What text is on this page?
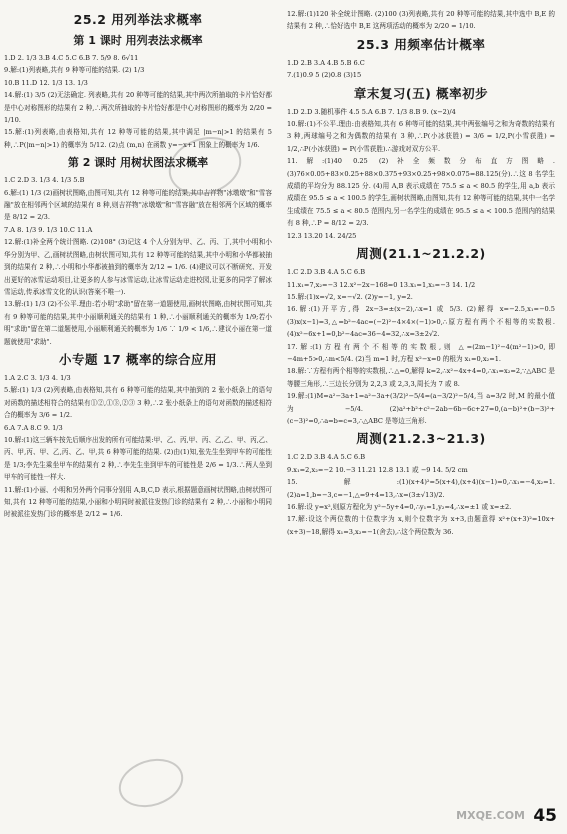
25.2 用列举法求概率
第 1 课时 用列表法求概率

1.D 2. 1/3 3.B 4.C 5.C 6.B 7. 5/9 8. 6√11

9.解:(1)列表略,共有 9 种等可能的结果. (2) 1/3

10.B 11.D 12. 1/3 13. 1/3

14.解:(1) 3/5 (2)无法确定. 列表略,共有 20 种等可能的结果,其中两次所抽取的卡片恰好都是中心对称图形的结果有 2 种,∴两次所抽取的卡片恰好都是中心对称图形的概率为 2/20 = 1/10.

15.解:(1)列表略,由表格知,共有 12 种等可能的结果,其中满足 |m−n|>1 的结果有 5 种,∴P(|m−n|>1) 的概率为 5/12. (2)点 (m,n) 在函数 y=−x+1 图象上的概率为 1/6.

第 2 课时 用树状图法求概率

1.C 2.D 3. 1/3 4. 1/3 5.B

6.解:(1) 1/3 (2)画树状图略,由图可知,共有 12 种等可能的结果,其中吉祥物"冰墩墩"和"雪容融"放在相邻两个区域的结果有 8 种,则吉祥物"冰墩墩"和"雪容融"放在相邻两个区域的概率是 8/12 = 2/3.

7.A 8. 1/3 9. 1/3 10.C 11.A

12.解:(1)补全两个统计图略. (2)108° (3)记这 4 个人分别为甲、乙、丙、丁,其中小明和小华分别为甲、乙,画树状图略,由树状图可知,共有 12 种等可能的结果,其中小明和小华都被抽到的结果有 2 种,∴小明和小华都被抽到的概率为 2/12 = 1/6. (4)建议可以不断研究、开发出更好的冰雪运动项目,让更多的人参与冰雪运动,让冰雪运动走进校园,让更多的同学了解冰雪运动,传承冰雪文化的认识(答案不唯一).

13.解:(1) 1/3 (2)不公平.理由:若小明"求助"留在第一道题使用,画树状图略,由树状图可知,共有 9 种等可能的结果,其中小丽顺利通关的结果有 1 种,∴小丽顺利通关的概率为 1/9;若小明"求助"留在第二道题使用,小丽顺利通关的概率为 1/6 ∵ 1/9 < 1/6,∴建议小丽在第一道题就使用"求助".

小专题 17 概率的综合应用

1.A 2.C 3. 1/3 4. 1/3

5.解:(1) 1/3 (2)列表略,由表格知,共有 6 种等可能的结果,其中抽到的 2 张小纸条上的语句对函数的描述相符合的结果有①②,①③,②③ 3 种,∴2 张小纸条上的语句对函数的描述相符合的概率为 3/6 = 1/2.

6.A 7.A 8.C 9. 1/3

10.解:(1)这三辆车按先后顺序出发的所有可能结果:甲、乙、丙,甲、丙、乙,乙、甲、丙,乙、丙、甲,丙、甲、乙,丙、乙、甲,共 6 种等可能的结果. (2)由(1)知,张先生坐到甲车的可能性是 1/3;李先生乘坐甲车的结果有 2 种,∴李先生坐到甲车的可能性是 2/6 = 1/3.∴两人坐到甲车的可能性一样大.

11.解:(1)小丽、小明和另外两个同事分别用 A,B,C,D 表示,根据题意画树状图略,由树状图可知,共有 12 种等可能的结果,小丽和小明同时被派往发热门诊的结果有 2 种,∴小丽和小明同时被派往发热门诊的概率是 2/12 = 1/6.

12.解:(1)120 补全统计图略. (2)100 (3)列表略,共有 20 种等可能的结果,其中选中 B,E 的结果有 2 种,∴恰好选中 B,E 这两项活动的概率为 2/20 = 1/10.

25.3 用频率估计概率

1.D 2.B 3.A 4.B 5.B 6.C

7.(1)0.9 5 (2)0.8 (3)15

章末复习(五) 概率初步

1.D 2.D 3.随机事件 4.5 5.A 6.B 7. 1/3 8.B 9. (x−2)/4

10.解:(1)不公平.理由:由表格知,共有 6 种等可能的结果,其中两张编号之和为奇数的结果有 3 种,两球编号之和为偶数的结果有 3 种,∴P(小冰获胜) = 3/6 = 1/2,P(小雪获胜) = 1/2,∴P(小冰获胜) = P(小雪获胜).∴游戏对双方公平.

11.解:(1)40 0.25 (2)补全频数分布直方图略. (3)76×0.05+83×0.25+88×0.375+93×0.25+98×0.075=88.125(分).∴这 8 名学生成绩的平均分为 88.125 分. (4)用 A,B 表示成绩在 75.5 ≤ a < 80.5 的学生,用 a,b 表示成绩在 95.5 ≤ a < 100.5 的学生,画树状图略,由图知,共有 12 种等可能的结果,其中一名学生成绩在 75.5 ≤ a < 80.5 范围内,另一名学生的成绩在 95.5 ≤ a < 100.5 范围内的结果有 8 种,∴P = 8/12 = 2/3.

12.3 13.20 14. 24/25

周测(21.1~21.2.2)

1.C 2.D 3.B 4.A 5.C 6.B

11.x₁=7,x₂=−3 12.x²−2x−168=0 13.x₁=1,x₂=−3 14. 1/2

15.解:(1)x=√2, x=−√2. (2)y=−1, y=2.

16.解:(1)开平方,得 2x−3=±(x−2),∴x=1 或 5/3. (2)解得 x=−2.5,x₁=−0.5 (3)x(x−1)=3,△=b²−4ac=(−2)²−4×4×(−1)>0,∴原方程有两个不相等的实数根. (4)x²−6x+1=0,b²−4ac=36−4=32,∴x=3±2√2.

17.解:(1)方程有两个不相等的实数根,则 △=(2m−1)²−4(m²−1)>0,即 −4m+5>0,∴m<5/4. (2)当 m=1 时,方程 x²−x=0 的根为 x₁=0,x₂=1.

18.解:∵方程有两个相等的实数根,∴△=0,解得 k=2,∴x²−4x+4=0,∴x₁=x₂=2,∵△ABC 是等腰三角形,∴三边长分别为 2,2,3 或 2,3,3,周长为 7 或 8.

19.解:(1)M=a²−3a+1=a²−3a+(3/2)²−5/4=(a−3/2)²−5/4,当 a=3/2 时,M 的最小值为 −5/4. (2)a²+b²+c²−2ab−6b−6c+27=0,(a−b)²+(b−3)²+(c−3)²=0,∴a=b=c=3,∴△ABC 是等边三角形.

周测(21.2.3~21.3)

1.C 2.D 3.B 4.A 5.C 6.B

9.x₁=2,x₂=−2 10.−3 11.21 12.8 13.1 或 −9 14. 5/2 cm

15.解:(1)(x+4)²=5(x+4),(x+4)(x−1)=0,∴x₁=−4,x₂=1. (2)a=1,b=−3,c=−1,△=9+4=13,∴x=(3±√13)/2.

16.解:设 y=x²,则原方程化为 y²−5y+4=0,∴y₁=1,y₂=4,∴x=±1 或 x=±2.

17.解:设这个两位数的十位数字为 x,则个位数字为 x+3,由题意得 x²+(x+3)²=10x+(x+3)−18,解得 x₁=3,x₂=−1(舍去),∴这个两位数为 36.

MXQE.COM 45
